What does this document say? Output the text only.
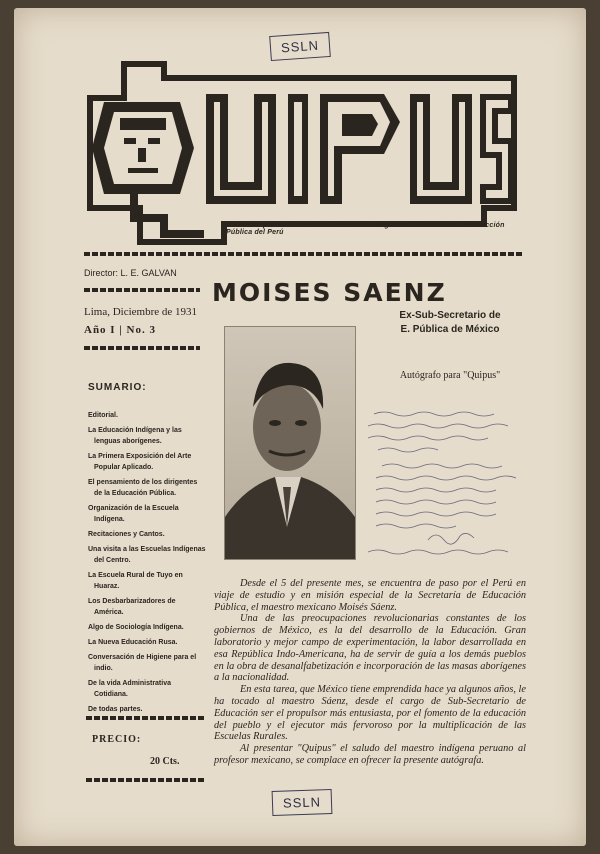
SSLN
Publicada por la Dirección de Educación Indígena del Ministerio de Instrucción Pública del Perú
Director: L. E. GALVAN
Lima, Diciembre de 1931
Año I | No. 3
SUMARIO:
Editorial.
La Educación Indígena y las lenguas aborígenes.
La Primera Exposición del Arte Popular Aplicado.
El pensamiento de los dirigentes de la Educación Pública.
Organización de la Escuela Indígena.
Recitaciones y Cantos.
Una visita a las Escuelas Indígenas del Centro.
La Escuela Rural de Tuyo en Huaraz.
Los Desbarbarizadores de América.
Algo de Sociología Indígena.
La Nueva Educación Rusa.
Conversación de Higiene para el indio.
De la vida Administrativa Cotidiana.
De todas partes.
PRECIO:
20 Cts.
MOISES SAENZ
Ex-Sub-Secretario de
E. Pública de México
Autógrafo para "Quipus"

Desde el 5 del presente mes, se encuentra de paso por el Perú en viaje de estudio y en misión especial de la Secretaría de Educación Pública, el maestro mexicano Moisés Sáenz.

Una de las preocupaciones revolucionarias constantes de los gobiernos de México, es la del desarrollo de la Educación. Gran laboratorio y mejor campo de experimentación, la labor desarrollada en esa República Indo-Americana, ha de servir de guía a los demás pueblos en la obra de desanalfabetización e incorporación de las masas aborígenes a la nacionalidad.

En esta tarea, que México tiene emprendida hace ya algunos años, le ha tocado al maestro Sáenz, desde el cargo de Sub-Secretario de Educación ser el propulsor más entusiasta, por el fomento de la educación del pueblo y el ejecutor más fervoroso por la multiplicación de las Escuelas Rurales.

Al presentar "Quipus" el saludo del maestro indígena peruano al profesor mexicano, se complace en ofrecer la presente autógrafa.

SSLN
